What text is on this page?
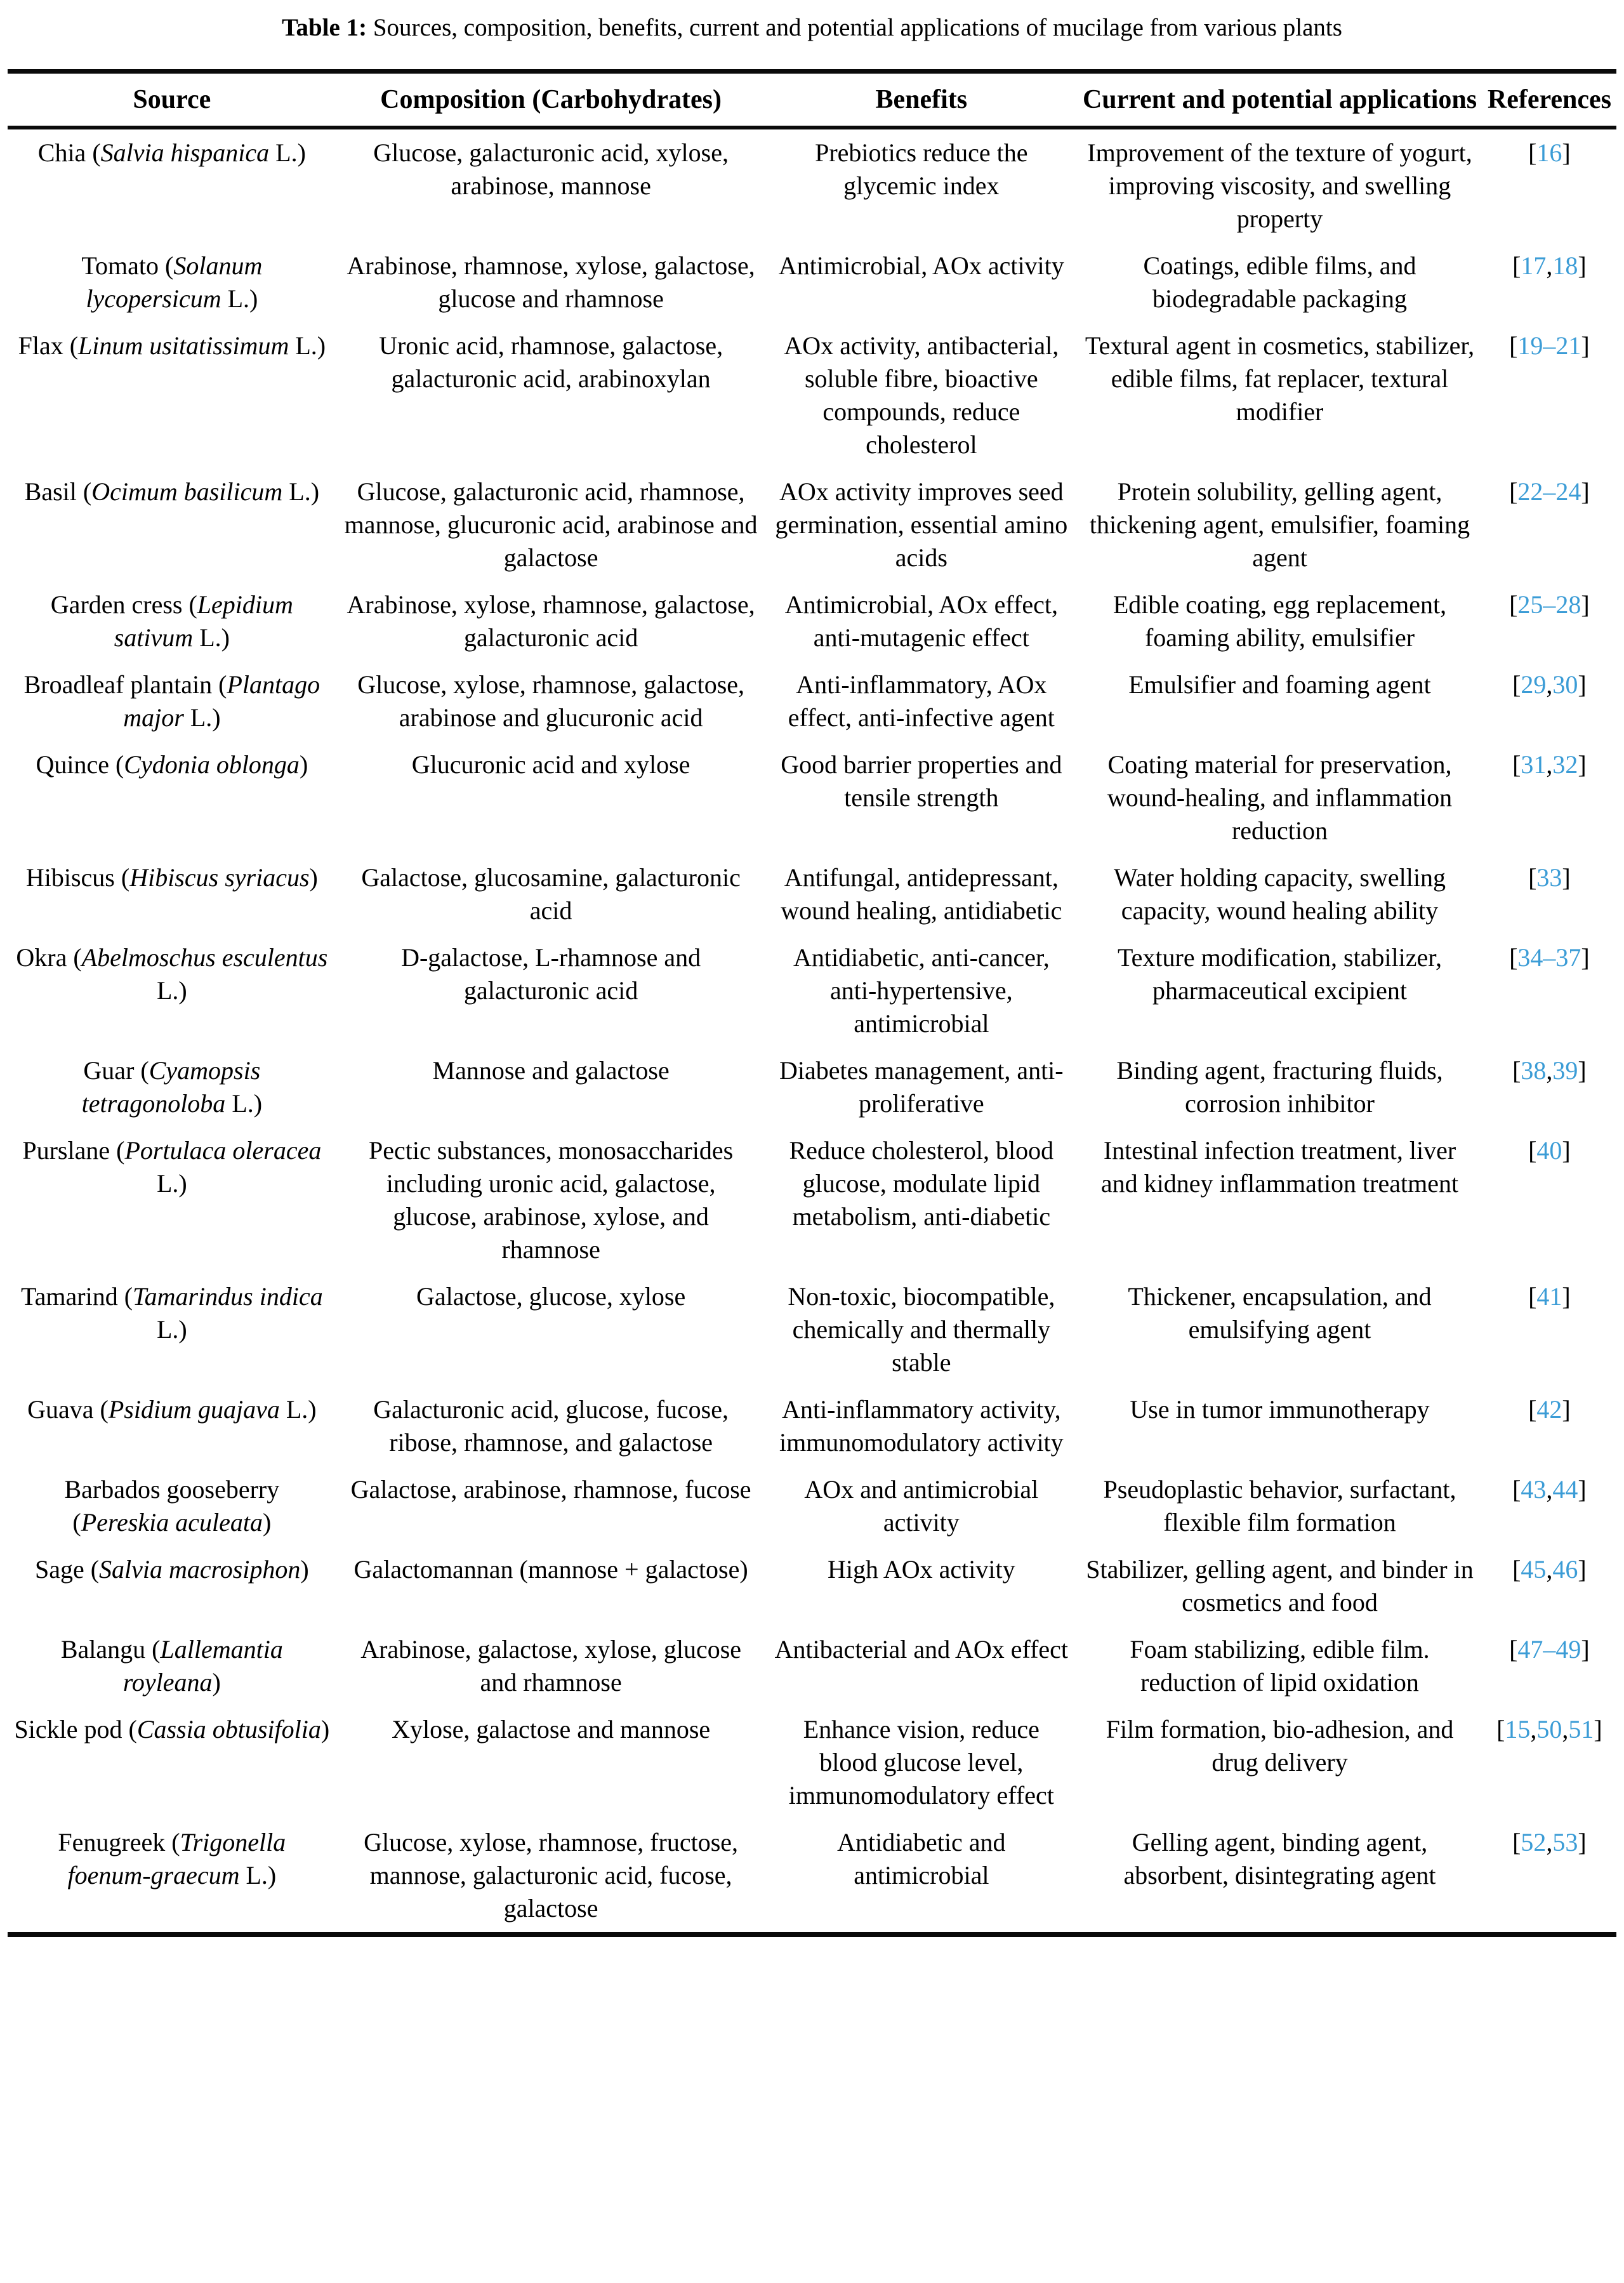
Table 1: Sources, composition, benefits, current and potential applications of mucilage from various plants
Source	Composition (Carbohydrates)	Benefits	Current and potential applications	References
Chia (Salvia hispanica L.)	Glucose, galacturonic acid, xylose, arabinose, mannose	Prebiotics reduce the glycemic index	Improvement of the texture of yogurt, improving viscosity, and swelling property	[16]
Tomato (Solanum lycopersicum L.)	Arabinose, rhamnose, xylose, galactose, glucose and rhamnose	Antimicrobial, AOx activity	Coatings, edible films, and biodegradable packaging	[17,18]
Flax (Linum usitatissimum L.)	Uronic acid, rhamnose, galactose, galacturonic acid, arabinoxylan	AOx activity, antibacterial, soluble fibre, bioactive compounds, reduce cholesterol	Textural agent in cosmetics, stabilizer, edible films, fat replacer, textural modifier	[19–21]
Basil (Ocimum basilicum L.)	Glucose, galacturonic acid, rhamnose, mannose, glucuronic acid, arabinose and galactose	AOx activity improves seed germination, essential amino acids	Protein solubility, gelling agent, thickening agent, emulsifier, foaming agent	[22–24]
Garden cress (Lepidium sativum L.)	Arabinose, xylose, rhamnose, galactose, galacturonic acid	Antimicrobial, AOx effect, anti-mutagenic effect	Edible coating, egg replacement, foaming ability, emulsifier	[25–28]
Broadleaf plantain (Plantago major L.)	Glucose, xylose, rhamnose, galactose, arabinose and glucuronic acid	Anti-inflammatory, AOx effect, anti-infective agent	Emulsifier and foaming agent	[29,30]
Quince (Cydonia oblonga)	Glucuronic acid and xylose	Good barrier properties and tensile strength	Coating material for preservation, wound-healing, and inflammation reduction	[31,32]
Hibiscus (Hibiscus syriacus)	Galactose, glucosamine, galacturonic acid	Antifungal, antidepressant, wound healing, antidiabetic	Water holding capacity, swelling capacity, wound healing ability	[33]
Okra (Abelmoschus esculentus L.)	D-galactose, L-rhamnose and galacturonic acid	Antidiabetic, anti-cancer, anti-hypertensive, antimicrobial	Texture modification, stabilizer, pharmaceutical excipient	[34–37]
Guar (Cyamopsis tetragonoloba L.)	Mannose and galactose	Diabetes management, anti-proliferative	Binding agent, fracturing fluids, corrosion inhibitor	[38,39]
Purslane (Portulaca oleracea L.)	Pectic substances, monosaccharides including uronic acid, galactose, glucose, arabinose, xylose, and rhamnose	Reduce cholesterol, blood glucose, modulate lipid metabolism, anti-diabetic	Intestinal infection treatment, liver and kidney inflammation treatment	[40]
Tamarind (Tamarindus indica L.)	Galactose, glucose, xylose	Non-toxic, biocompatible, chemically and thermally stable	Thickener, encapsulation, and emulsifying agent	[41]
Guava (Psidium guajava L.)	Galacturonic acid, glucose, fucose, ribose, rhamnose, and galactose	Anti-inflammatory activity, immunomodulatory activity	Use in tumor immunotherapy	[42]
Barbados gooseberry (Pereskia aculeata)	Galactose, arabinose, rhamnose, fucose	AOx and antimicrobial activity	Pseudoplastic behavior, surfactant, flexible film formation	[43,44]
Sage (Salvia macrosiphon)	Galactomannan (mannose + galactose)	High AOx activity	Stabilizer, gelling agent, and binder in cosmetics and food	[45,46]
Balangu (Lallemantia royleana)	Arabinose, galactose, xylose, glucose and rhamnose	Antibacterial and AOx effect	Foam stabilizing, edible film. reduction of lipid oxidation	[47–49]
Sickle pod (Cassia obtusifolia)	Xylose, galactose and mannose	Enhance vision, reduce blood glucose level, immunomodulatory effect	Film formation, bio-adhesion, and drug delivery	[15,50,51]
Fenugreek (Trigonella foenum-graecum L.)	Glucose, xylose, rhamnose, fructose, mannose, galacturonic acid, fucose, galactose	Antidiabetic and antimicrobial	Gelling agent, binding agent, absorbent, disintegrating agent	[52,53]
